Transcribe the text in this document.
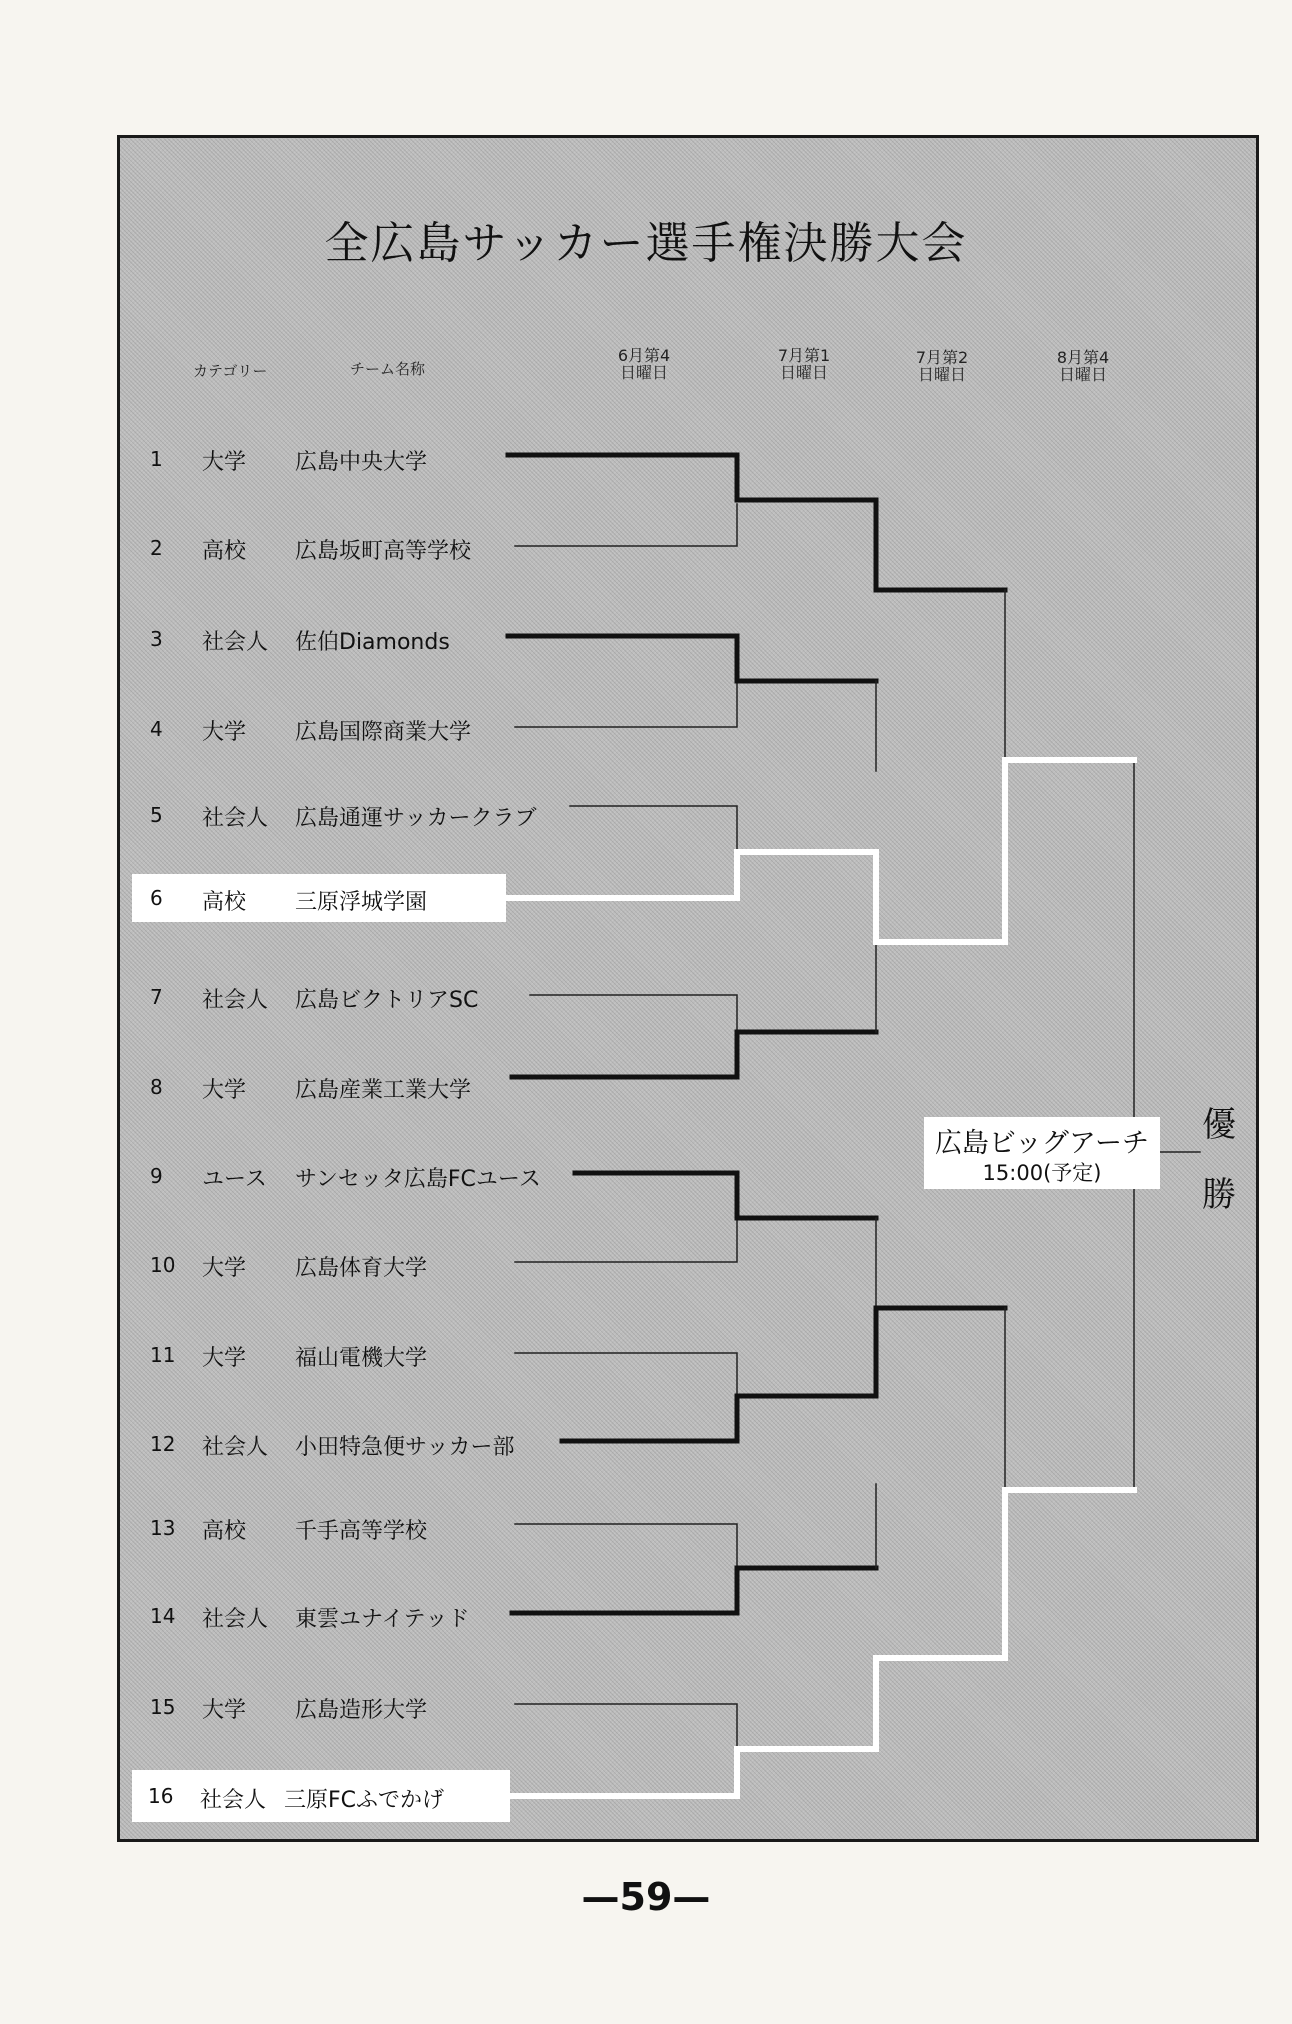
全広島サッカー選手権決勝大会
カテゴリー	チーム名称
6月第4
日曜日
7月第1
日曜日
7月第2
日曜日
8月第4
日曜日
1 大学 広島中央大学
2 高校 広島坂町高等学校
3 社会人 佐伯Diamonds
4 大学 広島国際商業大学
5 社会人 広島通運サッカークラブ
6 高校 三原浮城学園
7 社会人 広島ビクトリアSC
8 大学 広島産業工業大学
9 ユース サンセッタ広島FCユース
10 大学 広島体育大学
11 大学 福山電機大学
12 社会人 小田特急便サッカー部
13 高校 千手高等学校
14 社会人 東雲ユナイテッド
15 大学 広島造形大学
16 社会人 三原FCふでかげ
広島ビッグアーチ
15:00(予定)
優
勝
—59—
